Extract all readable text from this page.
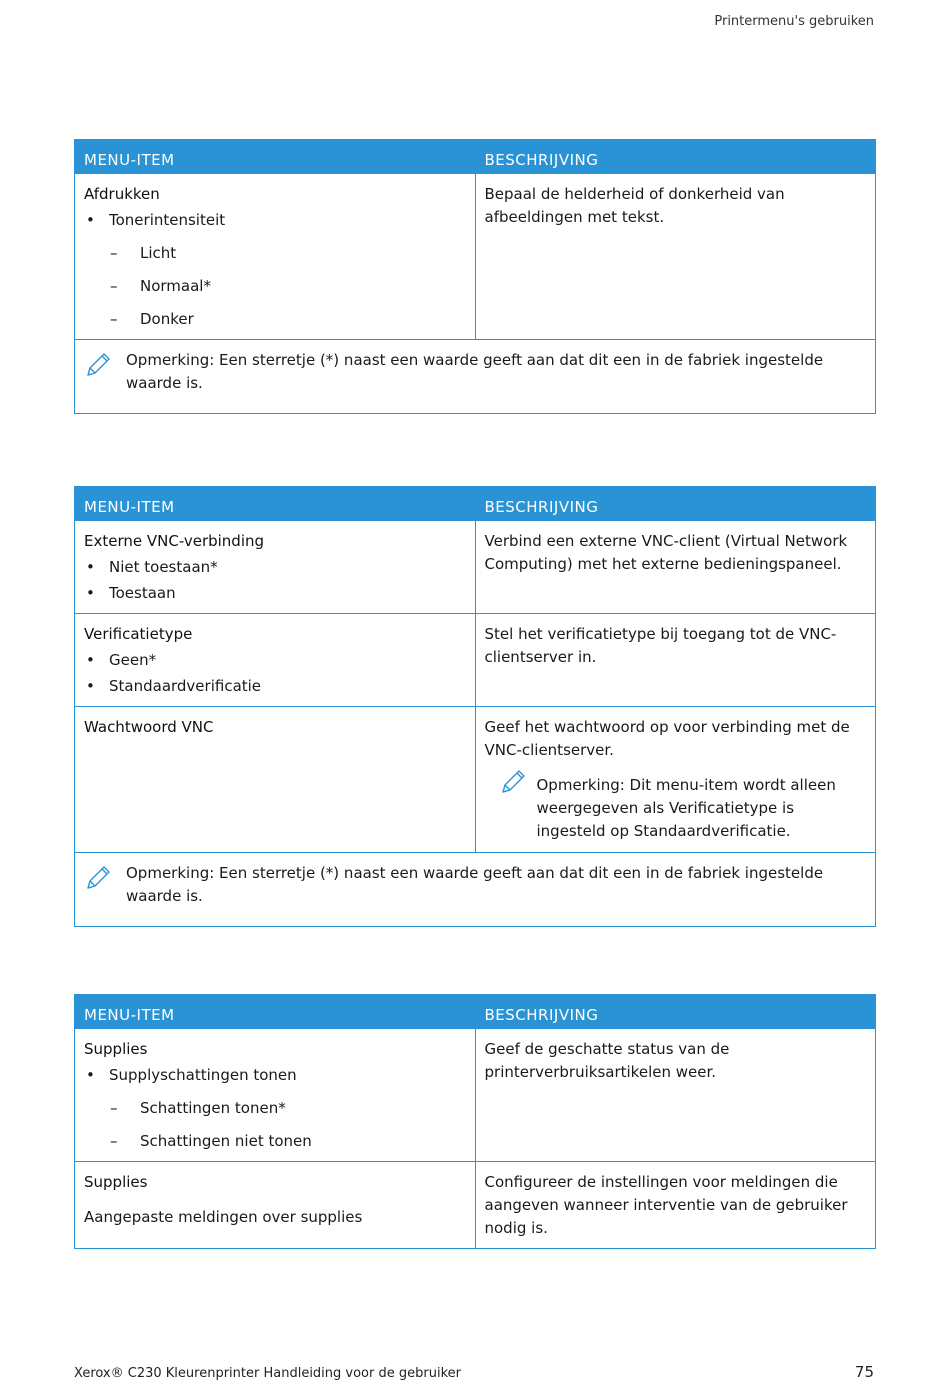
Printermenu's gebruiken
MENU-ITEM	BESCHRIJVING

Afdrukken
• Tonerintensiteit
– Licht
– Normaal*
– Donker	Bepaal de helderheid of donkerheid van afbeeldingen met tekst.

Opmerking: Een sterretje (*) naast een waarde geeft aan dat dit een in de fabriek ingestelde waarde is.	
MENU-ITEM	BESCHRIJVING

Externe VNC-verbinding
• Niet toestaan*
• Toestaan	Verbind een externe VNC-client (Virtual Network Computing) met het externe bedieningspaneel.

Verificatietype
• Geen*
• Standaardverificatie	Stel het verificatietype bij toegang tot de VNC-clientserver in.

Wachtwoord VNC	Geef het wachtwoord op voor verbinding met de VNC-clientserver.
Opmerking: Dit menu-item wordt alleen weergegeven als Verificatietype is ingesteld op Standaardverificatie.

Opmerking: Een sterretje (*) naast een waarde geeft aan dat dit een in de fabriek ingestelde waarde is.	
MENU-ITEM	BESCHRIJVING

Supplies
• Supplyschattingen tonen
– Schattingen tonen*
– Schattingen niet tonen	Geef de geschatte status van de printerverbruiksartikelen weer.

Supplies
Aangepaste meldingen over supplies	Configureer de instellingen voor meldingen die aangeven wanneer interventie van de gebruiker nodig is.
Xerox® C230 Kleurenprinter Handleiding voor de gebruiker	75
